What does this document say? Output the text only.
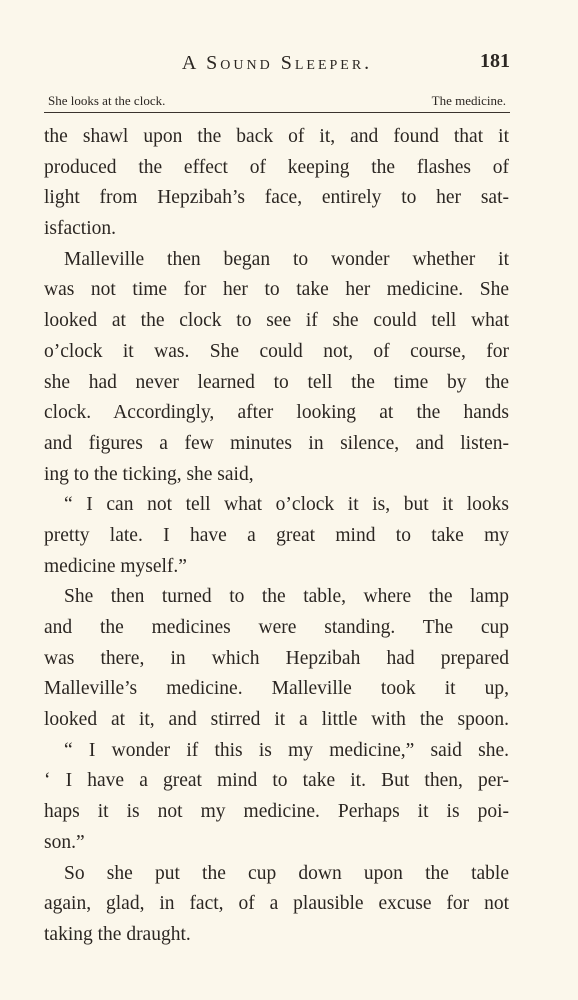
A Sound Sleeper.	181
She looks at the clock.	The medicine.
the shawl upon the back of it, and found that it
produced the effect of keeping the flashes of
light from Hepzibah’s face, entirely to her sat-
isfaction.
Malleville then began to wonder whether it
was not time for her to take her medicine. She
looked at the clock to see if she could tell what
o’clock it was. She could not, of course, for
she had never learned to tell the time by the
clock. Accordingly, after looking at the hands
and figures a few minutes in silence, and listen-
ing to the ticking, she said,
“ I can not tell what o’clock it is, but it looks
pretty late. I have a great mind to take my
medicine myself.”
She then turned to the table, where the lamp
and the medicines were standing. The cup
was there, in which Hepzibah had prepared
Malleville’s medicine. Malleville took it up,
looked at it, and stirred it a little with the spoon.
“ I wonder if this is my medicine,” said she.
‘ I have a great mind to take it. But then, per-
haps it is not my medicine. Perhaps it is poi-
son.”
So she put the cup down upon the table
again, glad, in fact, of a plausible excuse for not
taking the draught.
